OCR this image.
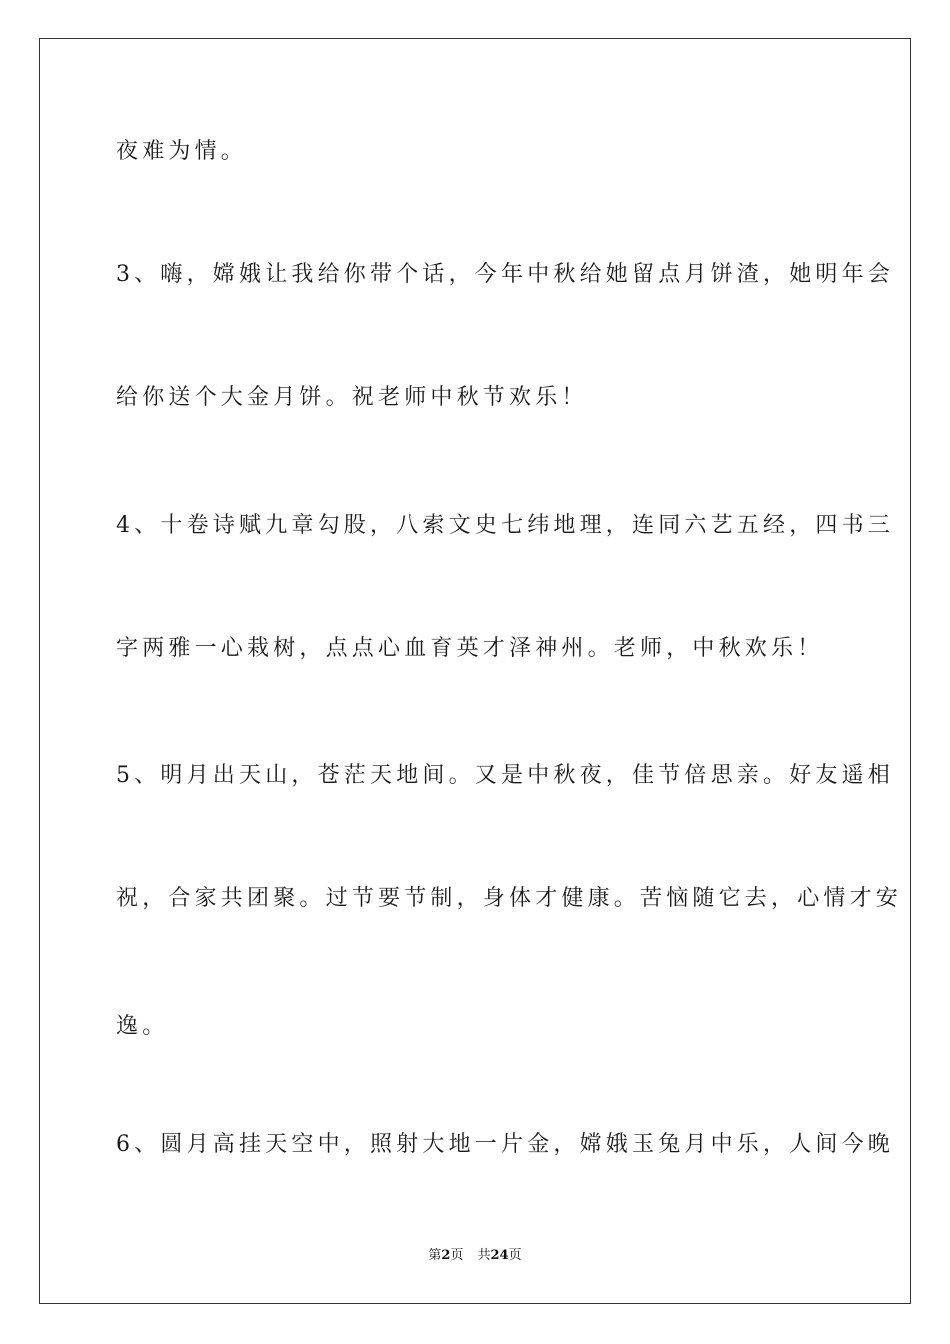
夜难为情。
3、嗨，嫦娥让我给你带个话，今年中秋给她留点月饼渣，她明年会
给你送个大金月饼。祝老师中秋节欢乐！
4、十卷诗赋九章勾股，八索文史七纬地理，连同六艺五经，四书三
字两雅一心栽树，点点心血育英才泽神州。老师，中秋欢乐！
5、明月出天山，苍茫天地间。又是中秋夜，佳节倍思亲。好友遥相
祝，合家共团聚。过节要节制，身体才健康。苦恼随它去，心情才安
逸。
6、圆月高挂天空中，照射大地一片金，嫦娥玉兔月中乐，人间今晚
第2页 共24页
